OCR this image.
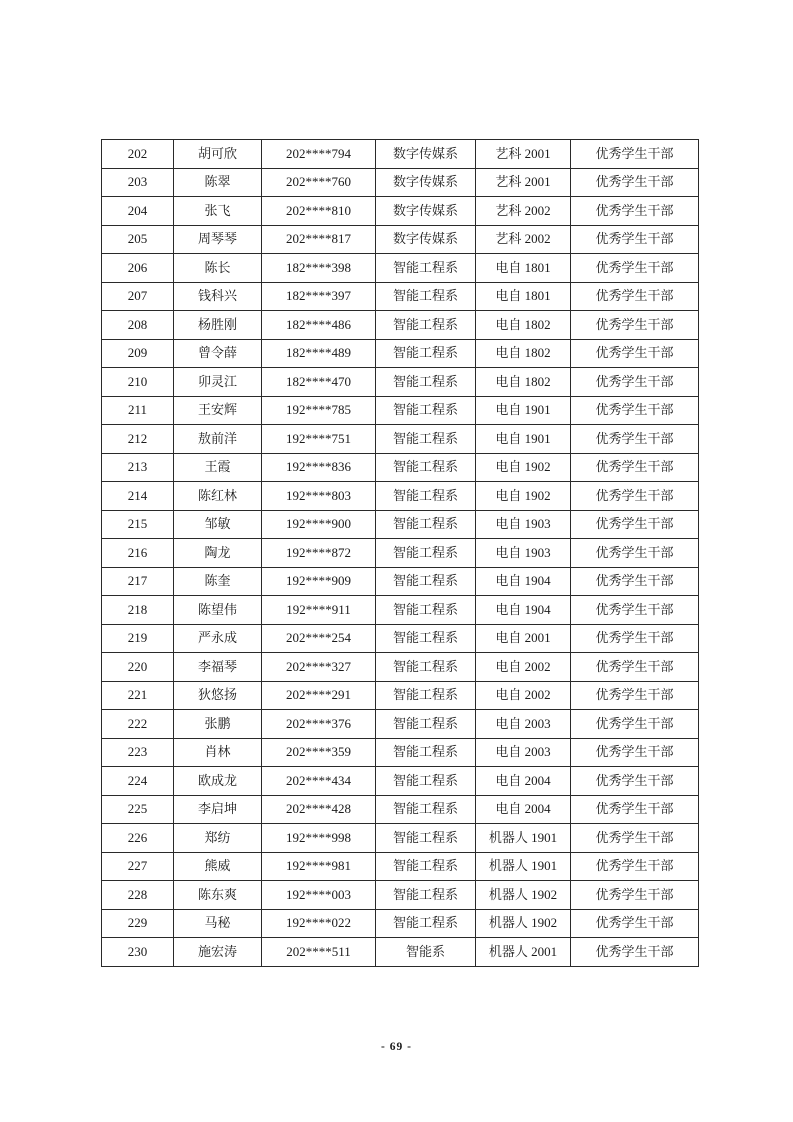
202	胡可欣	202****794	数字传媒系	艺科 2001	优秀学生干部
203	陈翠	202****760	数字传媒系	艺科 2001	优秀学生干部
204	张飞	202****810	数字传媒系	艺科 2002	优秀学生干部
205	周琴琴	202****817	数字传媒系	艺科 2002	优秀学生干部
206	陈长	182****398	智能工程系	电自 1801	优秀学生干部
207	钱科兴	182****397	智能工程系	电自 1801	优秀学生干部
208	杨胜刚	182****486	智能工程系	电自 1802	优秀学生干部
209	曾令薛	182****489	智能工程系	电自 1802	优秀学生干部
210	卯灵江	182****470	智能工程系	电自 1802	优秀学生干部
211	王安辉	192****785	智能工程系	电自 1901	优秀学生干部
212	敖前洋	192****751	智能工程系	电自 1901	优秀学生干部
213	王霞	192****836	智能工程系	电自 1902	优秀学生干部
214	陈红林	192****803	智能工程系	电自 1902	优秀学生干部
215	邹敏	192****900	智能工程系	电自 1903	优秀学生干部
216	陶龙	192****872	智能工程系	电自 1903	优秀学生干部
217	陈奎	192****909	智能工程系	电自 1904	优秀学生干部
218	陈望伟	192****911	智能工程系	电自 1904	优秀学生干部
219	严永成	202****254	智能工程系	电自 2001	优秀学生干部
220	李福琴	202****327	智能工程系	电自 2002	优秀学生干部
221	狄悠扬	202****291	智能工程系	电自 2002	优秀学生干部
222	张鹏	202****376	智能工程系	电自 2003	优秀学生干部
223	肖林	202****359	智能工程系	电自 2003	优秀学生干部
224	欧成龙	202****434	智能工程系	电自 2004	优秀学生干部
225	李启坤	202****428	智能工程系	电自 2004	优秀学生干部
226	郑纺	192****998	智能工程系	机器人 1901	优秀学生干部
227	熊威	192****981	智能工程系	机器人 1901	优秀学生干部
228	陈东爽	192****003	智能工程系	机器人 1902	优秀学生干部
229	马秘	192****022	智能工程系	机器人 1902	优秀学生干部
230	施宏涛	202****511	智能系	机器人 2001	优秀学生干部
- 69 -
